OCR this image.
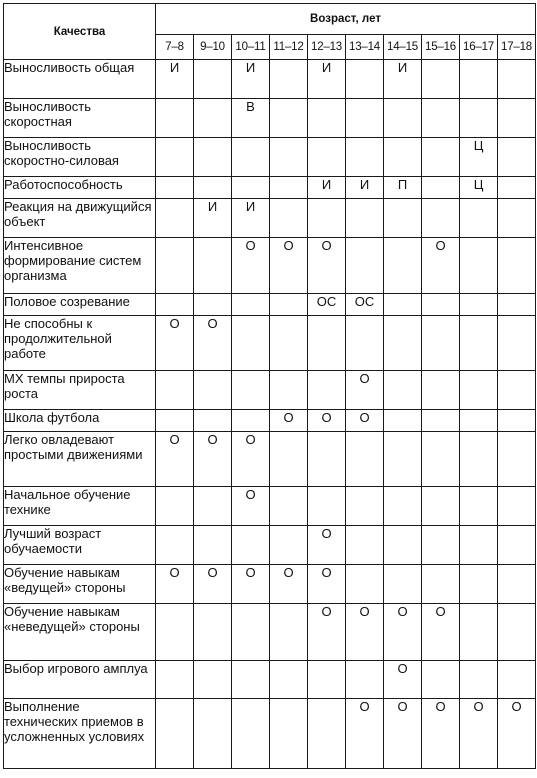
Качества	Возраст, лет									
	7–8	9–10	10–11	11–12	12–13	13–14	14–15	15–16	16–17	17–18
Выносливость общая	И		И		И		И			
Выносливость скоростная			В							
Выносливость скоростно-силовая									Ц	
Работоспособность					И	И	П		Ц	
Реакция на движущийся объект		И	И							
Интенсивное формирование систем организма			О	О	О			О		
Половое созревание					ОС	ОС				
Не способны к продолжительной работе	О	О								
МХ темпы прироста роста						О				
Школа футбола				О	О	О				
Легко овладевают простыми движениями	О	О	О							
Начальное обучение технике			О							
Лучший возраст обучаемости					О					
Обучение навыкам «ведущей» стороны	О	О	О	О	О					
Обучение навыкам «неведущей» стороны					О	О	О	О		
Выбор игрового амплуа							О			
Выполнение технических приемов в усложненных условиях						О	О	О	О	О
